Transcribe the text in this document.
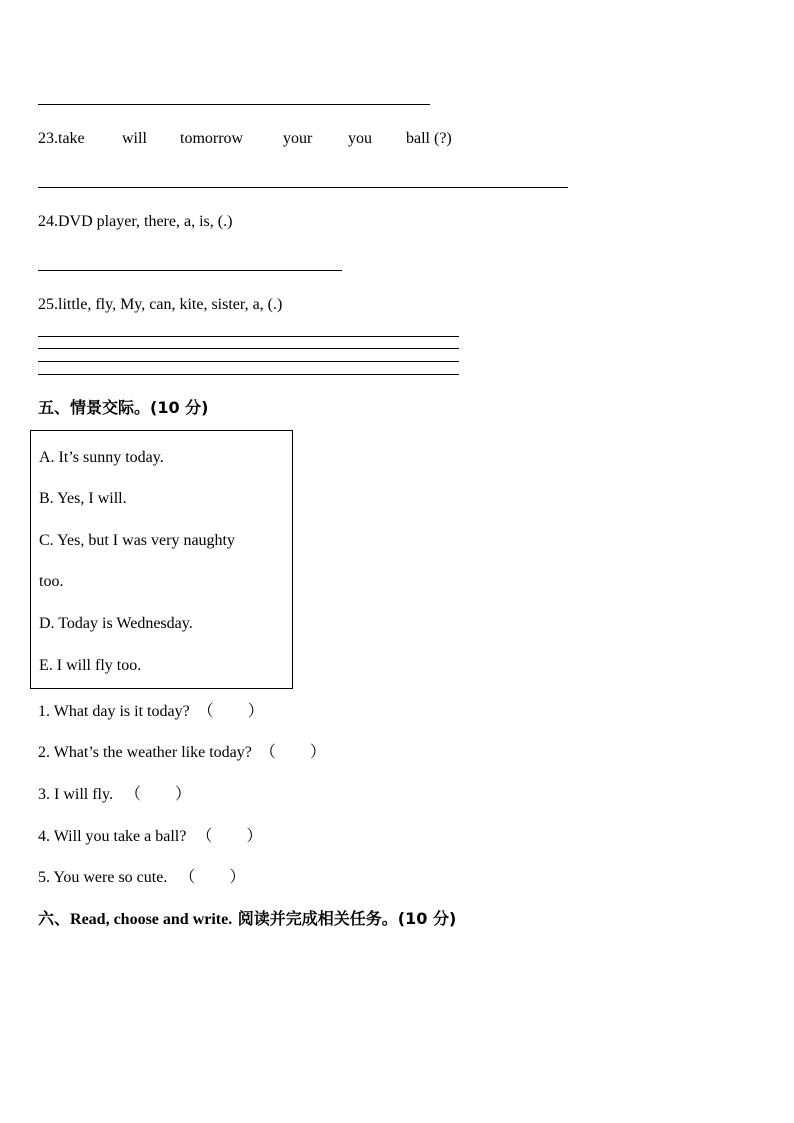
23.take will tomorrow your you ball (?)
24.DVD player, there, a, is, (.)
25.little, fly, My, can, kite, sister, a, (.)
五、情景交际。(10 分)
A. It’s sunny today.
B. Yes, I will.
C. Yes, but I was very naughty
too.
D. Today is Wednesday.
E. I will fly too.
1. What day is it today? （ ）
2. What’s the weather like today? （ ）
3. I will fly. （ ）
4. Will you take a ball? （ ）
5. You were so cute. （ ）
六、Read, choose and write. 阅读并完成相关任务。(10 分)
